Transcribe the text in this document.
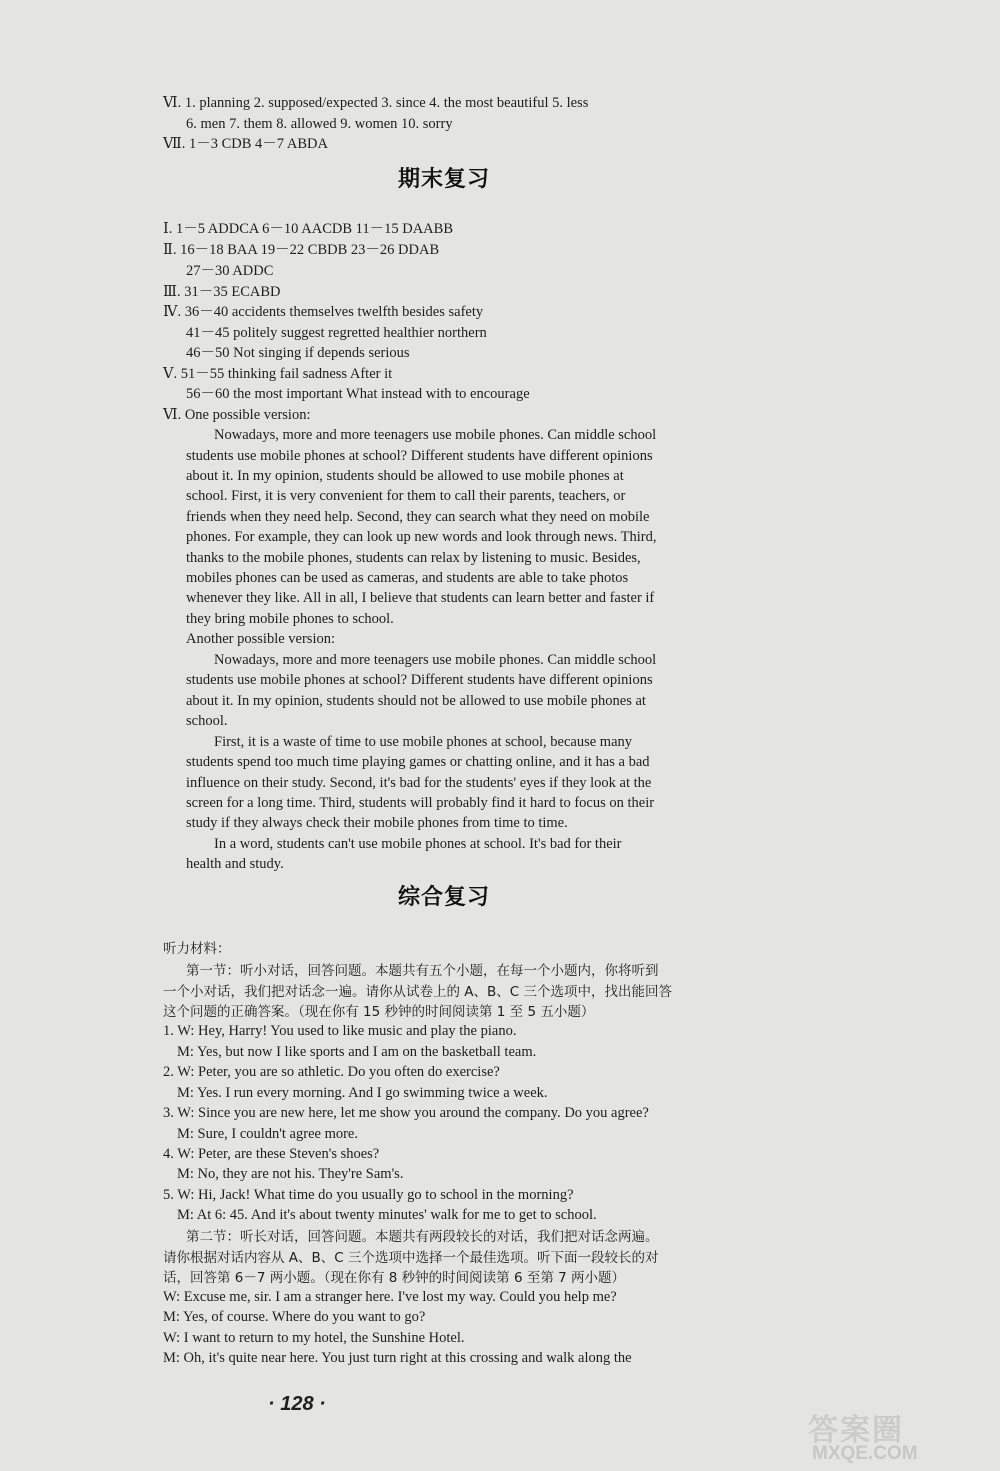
Ⅵ. 1. planning 2. supposed/expected 3. since 4. the most beautiful 5. less
6. men 7. them 8. allowed 9. women 10. sorry
Ⅶ. 1－3 CDB 4－7 ABDA
期末复习
Ⅰ. 1－5 ADDCA 6－10 AACDB 11－15 DAABB
Ⅱ. 16－18 BAA 19－22 CBDB 23－26 DDAB
27－30 ADDC
Ⅲ. 31－35 ECABD
Ⅳ. 36－40 accidents themselves twelfth besides safety
41－45 politely suggest regretted healthier northern
46－50 Not singing if depends serious
Ⅴ. 51－55 thinking fail sadness After it
56－60 the most important What instead with to encourage
Ⅵ. One possible version:
Nowadays, more and more teenagers use mobile phones. Can middle school
students use mobile phones at school? Different students have different opinions
about it. In my opinion, students should be allowed to use mobile phones at
school. First, it is very convenient for them to call their parents, teachers, or
friends when they need help. Second, they can search what they need on mobile
phones. For example, they can look up new words and look through news. Third,
thanks to the mobile phones, students can relax by listening to music. Besides,
mobiles phones can be used as cameras, and students are able to take photos
whenever they like. All in all, I believe that students can learn better and faster if
they bring mobile phones to school.
Another possible version:
Nowadays, more and more teenagers use mobile phones. Can middle school
students use mobile phones at school? Different students have different opinions
about it. In my opinion, students should not be allowed to use mobile phones at
school.
First, it is a waste of time to use mobile phones at school, because many
students spend too much time playing games or chatting online, and it has a bad
influence on their study. Second, it's bad for the students' eyes if they look at the
screen for a long time. Third, students will probably find it hard to focus on their
study if they always check their mobile phones from time to time.
In a word, students can't use mobile phones at school. It's bad for their
health and study.
综合复习
听力材料：
第一节：听小对话，回答问题。本题共有五个小题，在每一个小题内，你将听到
一个小对话，我们把对话念一遍。请你从试卷上的 A、B、C 三个选项中，找出能回答
这个问题的正确答案。（现在你有 15 秒钟的时间阅读第 1 至 5 五小题）
1. W: Hey, Harry! You used to like music and play the piano.
M: Yes, but now I like sports and I am on the basketball team.
2. W: Peter, you are so athletic. Do you often do exercise?
M: Yes. I run every morning. And I go swimming twice a week.
3. W: Since you are new here, let me show you around the company. Do you agree?
M: Sure, I couldn't agree more.
4. W: Peter, are these Steven's shoes?
M: No, they are not his. They're Sam's.
5. W: Hi, Jack! What time do you usually go to school in the morning?
M: At 6: 45. And it's about twenty minutes' walk for me to get to school.
第二节：听长对话，回答问题。本题共有两段较长的对话，我们把对话念两遍。
请你根据对话内容从 A、B、C 三个选项中选择一个最佳选项。听下面一段较长的对
话，回答第 6－7 两小题。（现在你有 8 秒钟的时间阅读第 6 至第 7 两小题）
W: Excuse me, sir. I am a stranger here. I've lost my way. Could you help me?
M: Yes, of course. Where do you want to go?
W: I want to return to my hotel, the Sunshine Hotel.
M: Oh, it's quite near here. You just turn right at this crossing and walk along the
· 128 ·
答案圈
MXQE.COM
